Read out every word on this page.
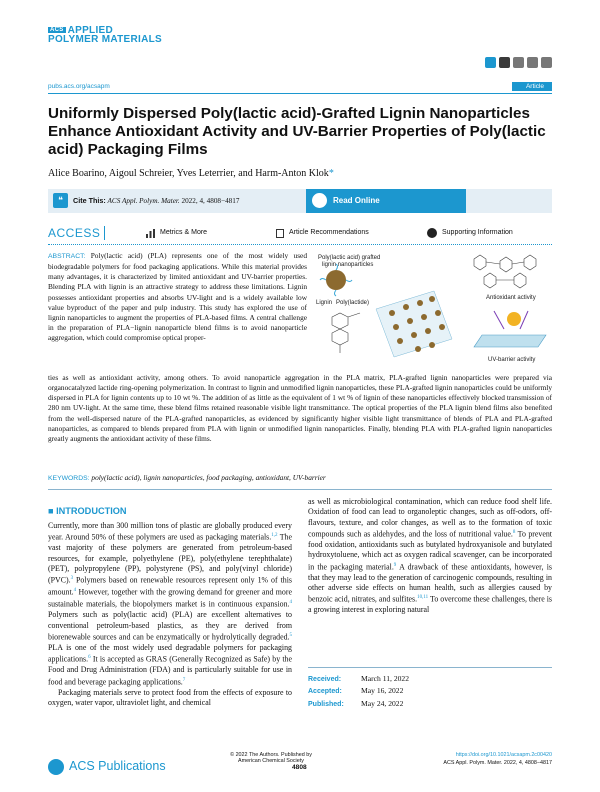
$^{ACS}$ APPLIED
POLYMER MATERIALS
pubs.acs.org/acsapm	Article
Uniformly Dispersed Poly(lactic acid)-Grafted Lignin Nanoparticles Enhance Antioxidant Activity and UV-Barrier Properties of Poly(lactic acid) Packaging Films
Alice Boarino, Aigoul Schreier, Yves Leterrier, and Harm-Anton Klok*
❝	Cite This: ACS Appl. Polym. Mater. 2022, 4, 4808−4817	Read Online
ACCESS	Metrics & More	Article Recommendations	Supporting Information
ABSTRACT: Poly(lactic acid) (PLA) represents one of the most widely used biodegradable polymers for food packaging applications. While this material provides many advantages, it is characterized by limited antioxidant and UV-barrier properties. Blending PLA with lignin is an attractive strategy to address these limitations. Lignin possesses antioxidant properties and absorbs UV-light and is a widely available low value byproduct of the paper and pulp industry. This study has explored the use of lignin nanoparticles to augment the properties of PLA-based films. A central challenge in the preparation of PLA−lignin nanoparticle blend films is to avoid nanoparticle aggregation, which could compromise optical proper-
Poly(lactic acid) grafted
lignin nanoparticles
Lignin Poly(lactide)
Antioxidant activity
UV-barrier activity
ties as well as antioxidant activity, among others. To avoid nanoparticle aggregation in the PLA matrix, PLA-grafted lignin nanoparticles were prepared via organocatalyzed lactide ring-opening polymerization. In contrast to lignin and unmodified lignin nanoparticles, these PLA-grafted lignin nanoparticles could be uniformly dispersed in PLA for lignin contents up to 10 wt %. The addition of as little as the equivalent of 1 wt % of lignin of these nanoparticles effectively blocked transmission of 280 nm UV-light. At the same time, these blend films retained reasonable visible light transmittance. The optical properties of the PLA lignin blend films also benefited from the well-dispersed nature of the PLA-grafted nanoparticles, as evidenced by significantly higher visible light transmittance of blends of PLA and PLA-grafted nanoparticles, as compared to blends prepared from PLA with lignin or unmodified lignin nanoparticles. Finally, blending PLA with PLA-grafted lignin nanoparticles greatly augments the antioxidant activity of these films.
KEYWORDS: poly(lactic acid), lignin nanoparticles, food packaging, antioxidant, UV-barrier
■ INTRODUCTION

Currently, more than 300 million tons of plastic are globally produced every year. Around 50% of these polymers are used as packaging materials.$^{1,2}$ The vast majority of these polymers are generated from petroleum-based resources, for example, polyethylene (PE), poly(ethylene terephthalate) (PET), polypropylene (PP), polystyrene (PS), and poly(vinyl chloride) (PVC).$^3$ Polymers based on renewable resources represent only 1% of this amount.$^4$ However, together with the growing demand for greener and more sustainable materials, the biopolymers market is in continuous expansion.$^4$ Polymers such as poly(lactic acid) (PLA) are excellent alternatives to conventional petroleum-based plastics, as they are derived from biorenewable sources and can be enzymatically or hydrolytically degraded.$^5$ PLA is one of the most widely used degradable polymers for packaging applications.$^6$ It is accepted as GRAS (Generally Recognized as Safe) by the Food and Drug Administration (FDA) and is particularly suitable for use in food and beverage packaging applications.$^7$

Packaging materials serve to protect food from the effects of exposure to oxygen, water vapor, ultraviolet light, and chemical

as well as microbiological contamination, which can reduce food shelf life. Oxidation of food can lead to organoleptic changes, such as off-odors, off-flavours, texture, and color changes, as well as to the formation of toxic compounds such as aldehydes, and the loss of nutritional value.$^8$ To prevent food oxidation, antioxidants such as butylated hydroxyanisole and butylated hydroxytoluene, which act as oxygen radical scavenger, can be incorporated in the packaging material.$^9$ A drawback of these antioxidants, however, is that they may lead to the generation of carcinogenic compounds, resulting in other adverse side effects on human health, such as allergies caused by benzoic acid, nitrates, and sulfites.$^{10,11}$ To overcome these challenges, there is a growing interest in exploring natural

Received:	March 11, 2022
Accepted:	May 16, 2022
Published: May 24, 2022
ACS Publications
© 2022 The Authors. Published by
American Chemical Society
4808
https://doi.org/10.1021/acsapm.2c00420
ACS Appl. Polym. Mater. 2022, 4, 4808−4817
